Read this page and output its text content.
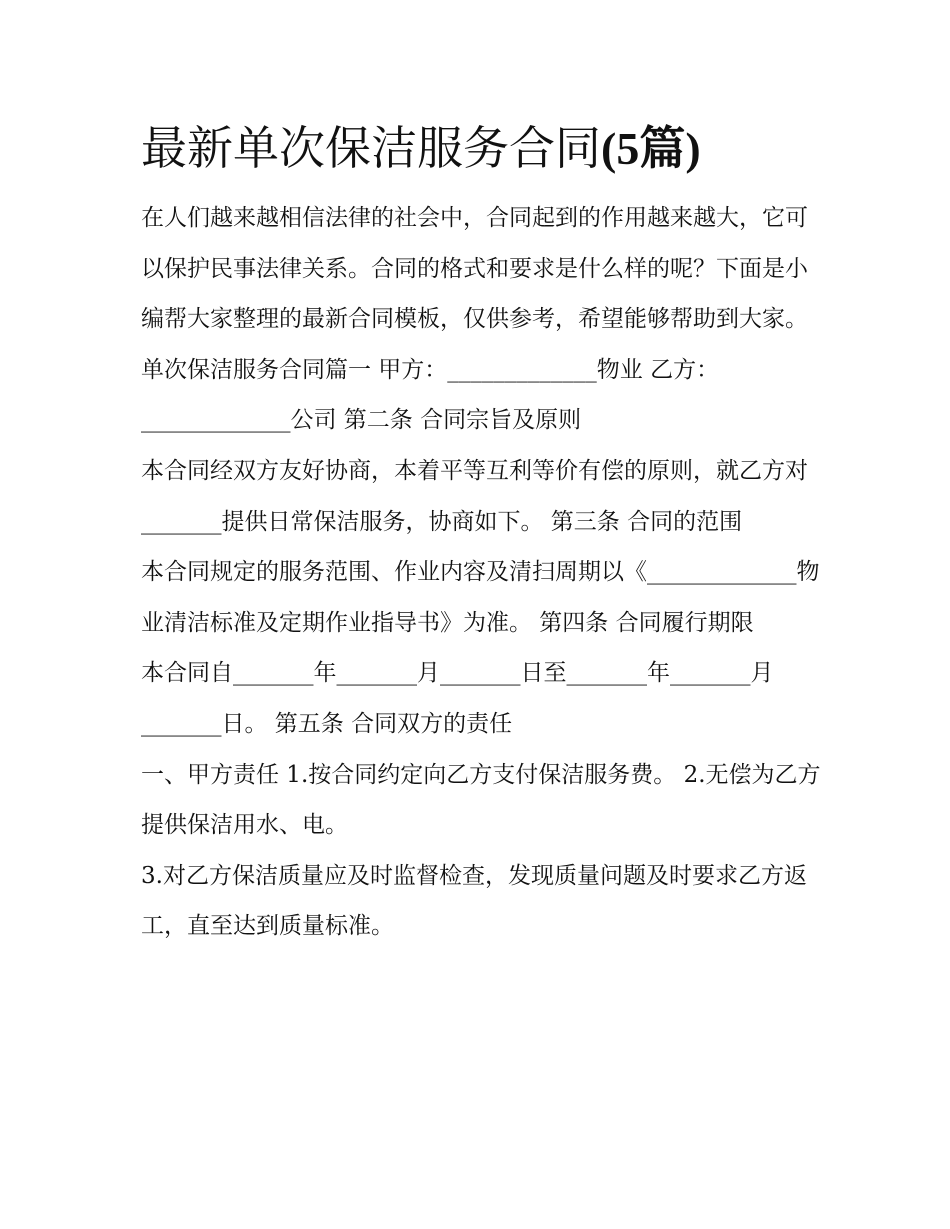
最新单次保洁服务合同(5篇)

在人们越来越相信法律的社会中，合同起到的作用越来越大，它可以保护民事法律关系。合同的格式和要求是什么样的呢？下面是小编帮大家整理的最新合同模板，仅供参考，希望能够帮助到大家。

单次保洁服务合同篇一 甲方：_____________物业 乙方：_____________公司 第二条 合同宗旨及原则

本合同经双方友好协商，本着平等互利等价有偿的原则，就乙方对_______提供日常保洁服务，协商如下。 第三条 合同的范围

本合同规定的服务范围、作业内容及清扫周期以《_____________物业清洁标准及定期作业指导书》为准。 第四条 合同履行期限

本合同自_______年_______月_______日至_______年_______月_______日。 第五条 合同双方的责任

一、甲方责任 1.按合同约定向乙方支付保洁服务费。 2.无偿为乙方提供保洁用水、电。

3.对乙方保洁质量应及时监督检查，发现质量问题及时要求乙方返工，直至达到质量标准。
